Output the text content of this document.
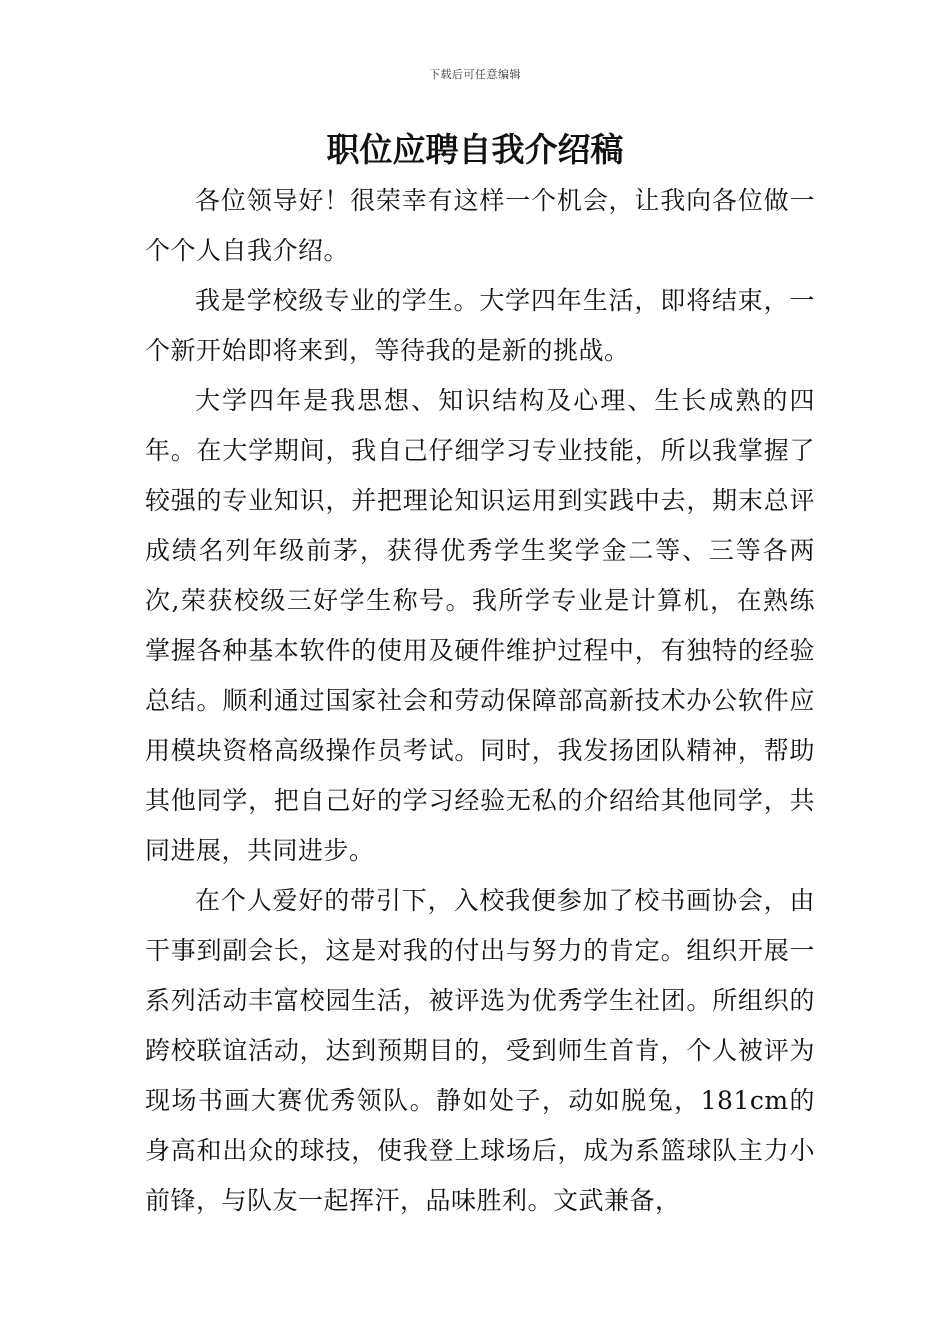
下载后可任意编辑
职位应聘自我介绍稿

各位领导好！很荣幸有这样一个机会，让我向各位做一个个人自我介绍。

我是学校级专业的学生。大学四年生活，即将结束，一个新开始即将来到，等待我的是新的挑战。

大学四年是我思想、知识结构及心理、生长成熟的四年。在大学期间，我自己仔细学习专业技能，所以我掌握了较强的专业知识，并把理论知识运用到实践中去，期末总评成绩名列年级前茅，获得优秀学生奖学金二等、三等各两次,荣获校级三好学生称号。我所学专业是计算机，在熟练掌握各种基本软件的使用及硬件维护过程中，有独特的经验总结。顺利通过国家社会和劳动保障部高新技术办公软件应用模块资格高级操作员考试。同时，我发扬团队精神，帮助其他同学，把自己好的学习经验无私的介绍给其他同学，共同进展，共同进步。

在个人爱好的带引下，入校我便参加了校书画协会，由干事到副会长，这是对我的付出与努力的肯定。组织开展一系列活动丰富校园生活，被评选为优秀学生社团。所组织的跨校联谊活动，达到预期目的，受到师生首肯，个人被评为现场书画大赛优秀领队。静如处子，动如脱兔，181cm的身高和出众的球技，使我登上球场后，成为系篮球队主力小前锋，与队友一起挥汗，品味胜利。文武兼备，
